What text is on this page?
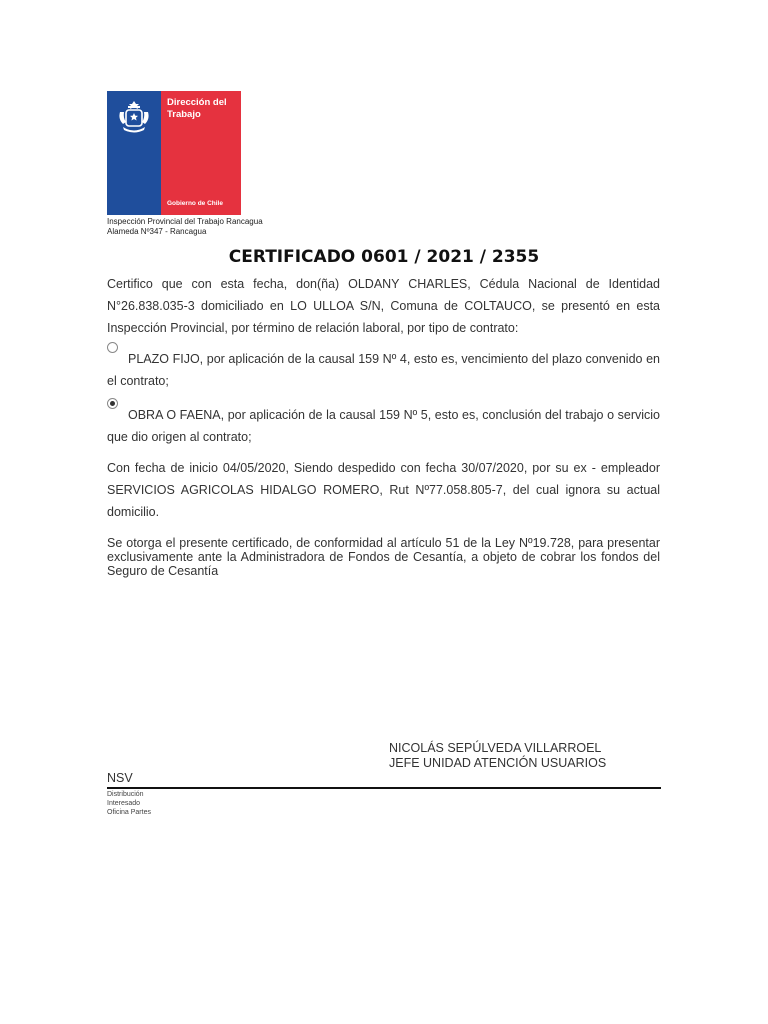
Dirección del
Trabajo
Gobierno de Chile
Inspección Provincial del Trabajo Rancagua
Alameda Nº347 - Rancagua
CERTIFICADO 0601 / 2021 / 2355
Certifico que con esta fecha, don(ña) OLDANY CHARLES, Cédula Nacional de Identidad N°26.838.035-3 domiciliado en LO ULLOA S/N, Comuna de COLTAUCO, se presentó en esta Inspección Provincial, por término de relación laboral, por tipo de contrato:
PLAZO FIJO, por aplicación de la causal 159 Nº 4, esto es, vencimiento del plazo convenido en el contrato;
OBRA O FAENA, por aplicación de la causal 159 Nº 5, esto es, conclusión del trabajo o servicio que dio origen al contrato;
Con fecha de inicio 04/05/2020, Siendo despedido con fecha 30/07/2020, por su ex - empleador SERVICIOS AGRICOLAS HIDALGO ROMERO, Rut Nº77.058.805-7, del cual ignora su actual domicilio.
Se otorga el presente certificado, de conformidad al artículo 51 de la Ley Nº19.728, para presentar exclusivamente ante la Administradora de Fondos de Cesantía, a objeto de cobrar los fondos del Seguro de Cesantía
NICOLÁS SEPÚLVEDA VILLARROEL
JEFE UNIDAD ATENCIÓN USUARIOS
NSV
Distribución
Interesado
Oficina Partes
